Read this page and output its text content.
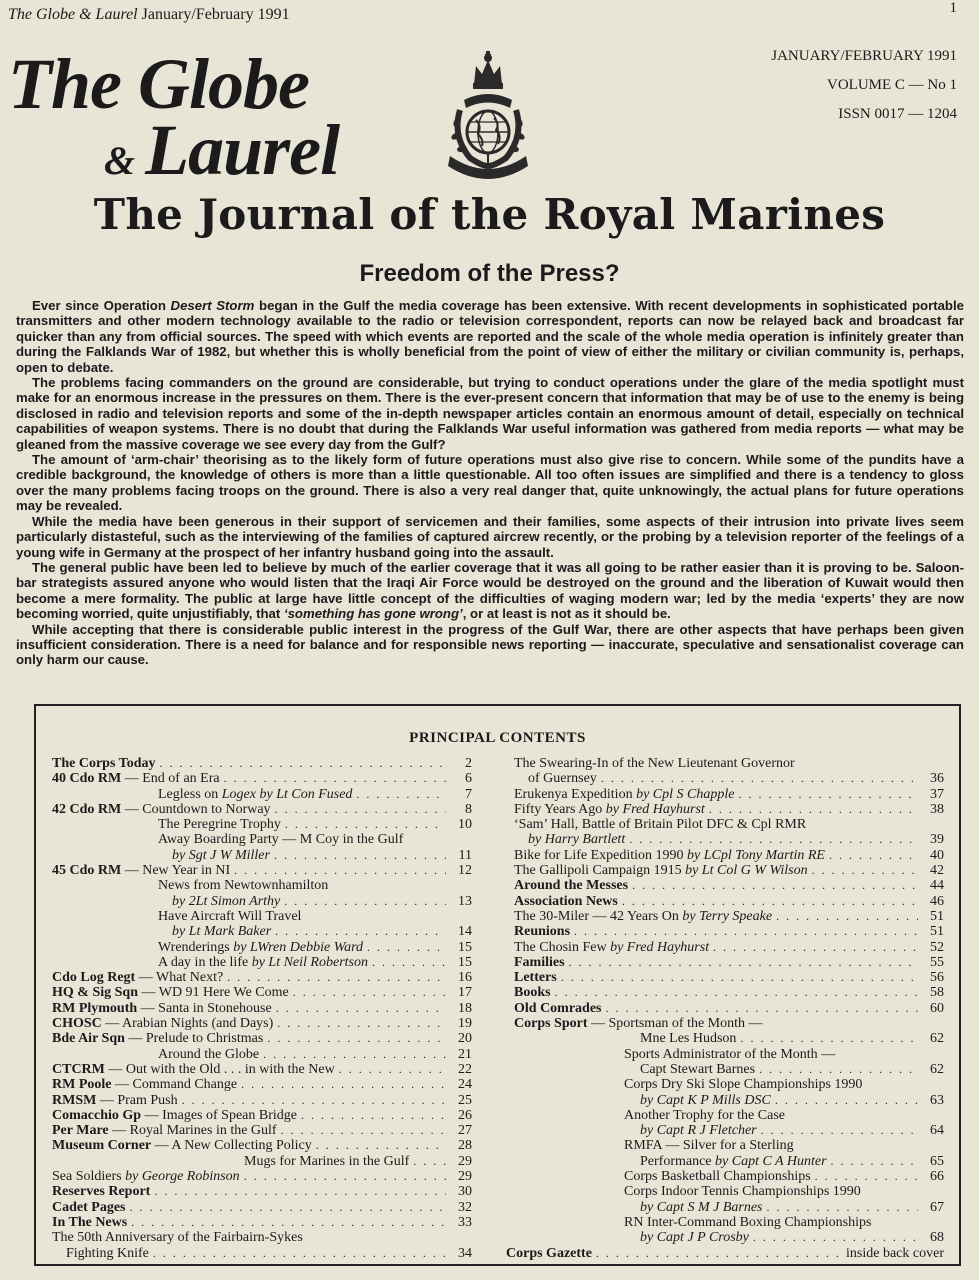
The Globe & Laurel January/February 1991	1
The Globe
& Laurel
JANUARY/FEBRUARY 1991
VOLUME C — No 1
ISSN 0017 — 1204
The Journal of the Royal Marines
Freedom of the Press?

Ever since Operation Desert Storm began in the Gulf the media coverage has been extensive. With recent developments in sophisticated portable transmitters and other modern technology available to the radio or television correspondent, reports can now be relayed back and broadcast far quicker than any from official sources. The speed with which events are reported and the scale of the whole media operation is infinitely greater than during the Falklands War of 1982, but whether this is wholly beneficial from the point of view of either the military or civilian community is, perhaps, open to debate.

The problems facing commanders on the ground are considerable, but trying to conduct operations under the glare of the media spotlight must make for an enormous increase in the pressures on them. There is the ever-present concern that information that may be of use to the enemy is being disclosed in radio and television reports and some of the in-depth newspaper articles contain an enormous amount of detail, especially on technical capabilities of weapon systems. There is no doubt that during the Falklands War useful information was gathered from media reports — what may be gleaned from the massive coverage we see every day from the Gulf?

The amount of ‘arm-chair’ theorising as to the likely form of future operations must also give rise to concern. While some of the pundits have a credible background, the knowledge of others is more than a little questionable. All too often issues are simplified and there is a tendency to gloss over the many problems facing troops on the ground. There is also a very real danger that, quite unknowingly, the actual plans for future operations may be revealed.

While the media have been generous in their support of servicemen and their families, some aspects of their intrusion into private lives seem particularly distasteful, such as the interviewing of the families of captured aircrew recently, or the probing by a television reporter of the feelings of a young wife in Germany at the prospect of her infantry husband going into the assault.

The general public have been led to believe by much of the earlier coverage that it was all going to be rather easier than it is proving to be. Saloon-bar strategists assured anyone who would listen that the Iraqi Air Force would be destroyed on the ground and the liberation of Kuwait would then become a mere formality. The public at large have little concept of the difficulties of waging modern war; led by the media ‘experts’ they are now becoming worried, quite unjustifiably, that ‘something has gone wrong’, or at least is not as it should be.

While accepting that there is considerable public interest in the progress of the Gulf War, there are other aspects that have perhaps been given insufficient consideration. There is a need for balance and for responsible news reporting — inaccurate, speculative and sensationalist coverage can only harm our cause.

PRINCIPAL CONTENTS
The Corps Today . . .	2
40 Cdo RM — End of an Era . . .	6
Legless on Logex by Lt Con Fused . . .	7
42 Cdo RM — Countdown to Norway . . .	8
The Peregrine Trophy . . .	10
Away Boarding Party — M Coy in the Gulf
by Sgt J W Miller . . .	11
45 Cdo RM — New Year in NI . . .	12
News from Newtownhamilton
by 2Lt Simon Arthy . . .	13
Have Aircraft Will Travel
by Lt Mark Baker . . .	14
Wrenderings by LWren Debbie Ward . . .	15
A day in the life by Lt Neil Robertson . . .	15
Cdo Log Regt — What Next? . . .	16
HQ & Sig Sqn — WD 91 Here We Come . . .	17
RM Plymouth — Santa in Stonehouse . . .	18
CHOSC — Arabian Nights (and Days) . . .	19
Bde Air Sqn — Prelude to Christmas . . .	20
Around the Globe . . .	21
CTCRM — Out with the Old . . . in with the New . . .	22
RM Poole — Command Change . . .	24
RMSM — Pram Push . . .	25
Comacchio Gp — Images of Spean Bridge . . .	26
Per Mare — Royal Marines in the Gulf . . .	27
Museum Corner — A New Collecting Policy . . .	28
Mugs for Marines in the Gulf . . .	29
Sea Soldiers by George Robinson . . .	29
Reserves Report . . .	30
Cadet Pages . . .	32
In The News . . .	33
The 50th Anniversary of the Fairbairn-Sykes
Fighting Knife . . .	34
The Swearing-In of the New Lieutenant Governor
of Guernsey . . .	36
Erukenya Expedition by Cpl S Chapple . . .	37
Fifty Years Ago by Fred Hayhurst . . .	38
‘Sam’ Hall, Battle of Britain Pilot DFC & Cpl RMR
by Harry Bartlett . . .	39
Bike for Life Expedition 1990 by LCpl Tony Martin RE . . .	40
The Gallipoli Campaign 1915 by Lt Col G W Wilson . . .	42
Around the Messes . . .	44
Association News . . .	46
The 30-Miler — 42 Years On by Terry Speake . . .	51
Reunions . . .	51
The Chosin Few by Fred Hayhurst . . .	52
Families . . .	55
Letters . . .	56
Books . . .	58
Old Comrades . . .	60
Corps Sport — Sportsman of the Month —
Mne Les Hudson . . .	62
Sports Administrator of the Month —
Capt Stewart Barnes . . .	62
Corps Dry Ski Slope Championships 1990
by Capt K P Mills DSC . . .	63
Another Trophy for the Case
by Capt R J Fletcher . . .	64
RMFA — Silver for a Sterling
Performance by Capt C A Hunter . . .	65
Corps Basketball Championships . . .	66
Corps Indoor Tennis Championships 1990
by Capt S M J Barnes . . .	67
RN Inter-Command Boxing Championships
by Capt J P Crosby . . .	68
Corps Gazette . . .	inside back cover
